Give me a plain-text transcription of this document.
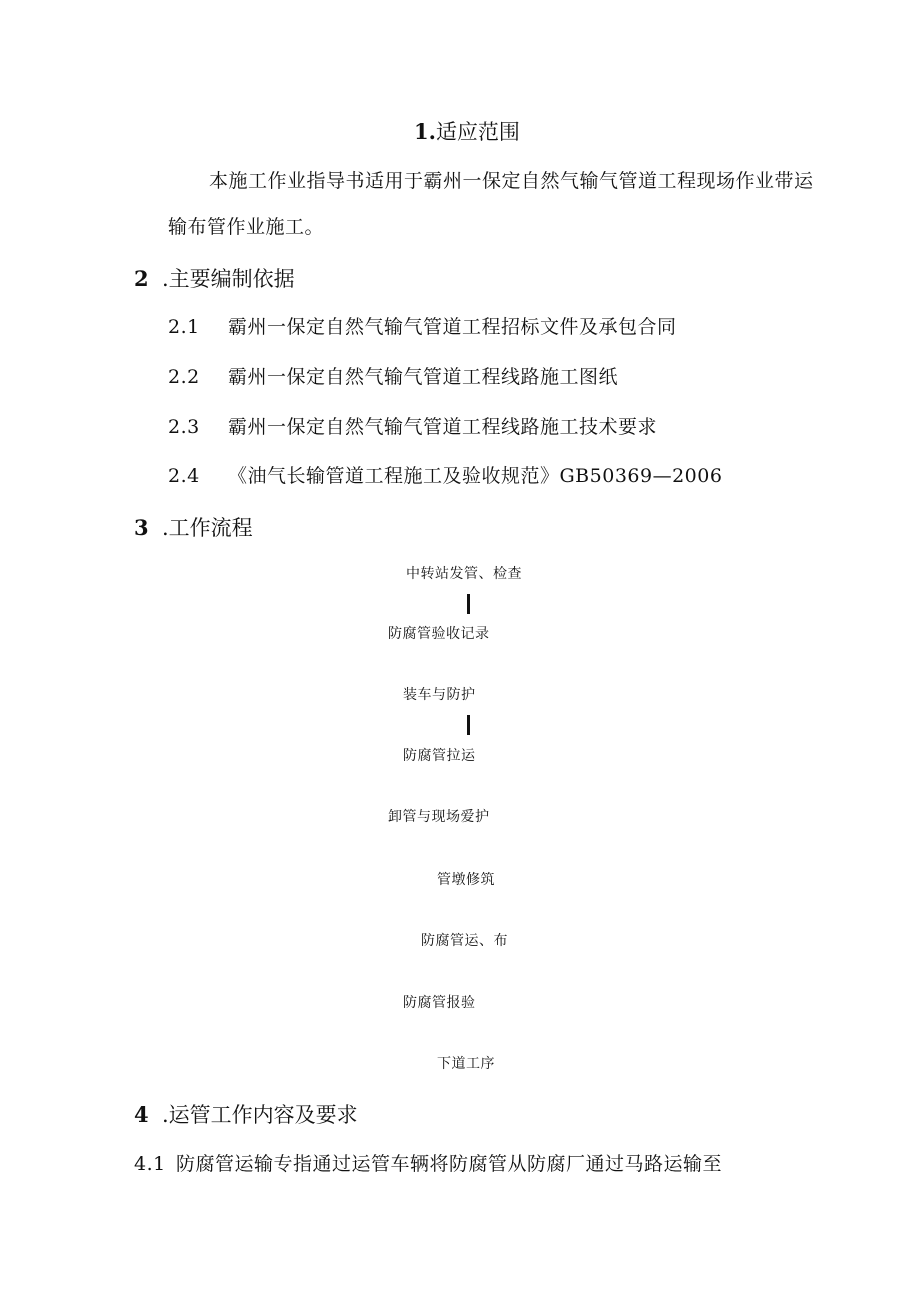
1.适应范围
本施工作业指导书适用于霸州一保定自然气输气管道工程现场作业带运
输布管作业施工。
2 .主要编制依据
2.1 霸州一保定自然气输气管道工程招标文件及承包合同
2.2 霸州一保定自然气输气管道工程线路施工图纸
2.3 霸州一保定自然气输气管道工程线路施工技术要求
2.4 《油气长输管道工程施工及验收规范》GB50369—2006
3 .工作流程
中转站发管、检查
防腐管验收记录
装车与防护
防腐管拉运
卸管与现场爱护
管墩修筑
防腐管运、布
防腐管报验
下道工序
4 .运管工作内容及要求
4.1 防腐管运输专指通过运管车辆将防腐管从防腐厂通过马路运输至
